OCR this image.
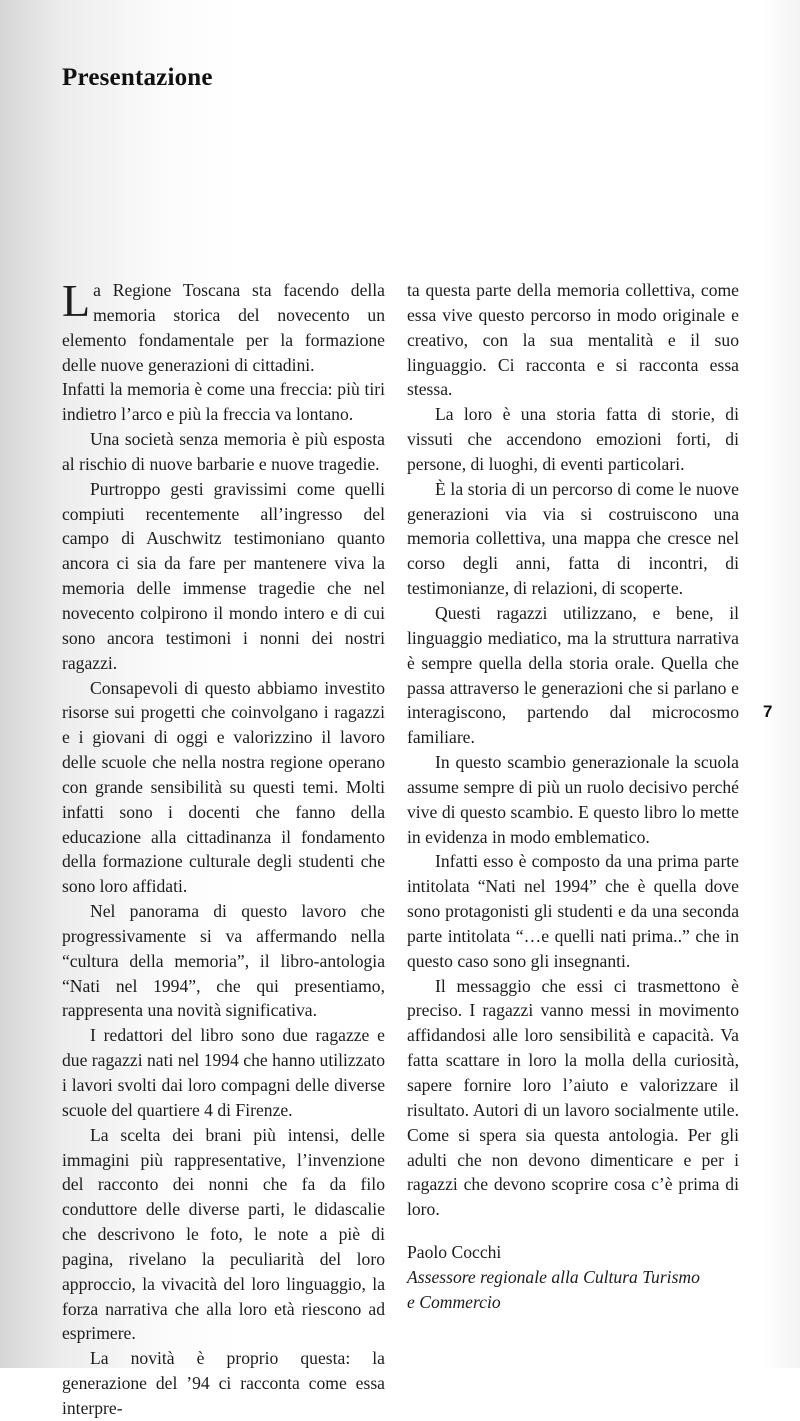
Presentazione

La Regione Toscana sta facendo della memoria storica del novecento un elemento fondamentale per la formazione delle nuove generazioni di cittadini.

Infatti la memoria è come una freccia: più tiri indietro l’arco e più la freccia va lontano.

Una società senza memoria è più esposta al rischio di nuove barbarie e nuove tragedie.

Purtroppo gesti gravissimi come quelli compiuti recentemente all’ingresso del campo di Auschwitz testimoniano quanto ancora ci sia da fare per mantenere viva la memoria delle immense tragedie che nel novecento colpirono il mondo intero e di cui sono ancora testimoni i nonni dei nostri ragazzi.

Consapevoli di questo abbiamo investito risorse sui progetti che coinvolgano i ragazzi e i giovani di oggi e valorizzino il lavoro delle scuole che nella nostra regione operano con grande sensibilità su questi temi. Molti infatti sono i docenti che fanno della educazione alla cittadinanza il fondamento della formazione culturale degli studenti che sono loro affidati.

Nel panorama di questo lavoro che progressivamente si va affermando nella “cultura della memoria”, il libro-antologia “Nati nel 1994”, che qui presentiamo, rappresenta una novità significativa.

I redattori del libro sono due ragazze e due ragazzi nati nel 1994 che hanno utilizzato i lavori svolti dai loro compagni delle diverse scuole del quartiere 4 di Firenze.

La scelta dei brani più intensi, delle immagini più rappresentative, l’invenzione del racconto dei nonni che fa da filo conduttore delle diverse parti, le didascalie che descrivono le foto, le note a piè di pagina, rivelano la peculiarità del loro approccio, la vivacità del loro linguaggio, la forza narrativa che alla loro età riescono ad esprimere.

La novità è proprio questa: la generazione del ’94 ci racconta come essa interpre-

ta questa parte della memoria collettiva, come essa vive questo percorso in modo originale e creativo, con la sua mentalità e il suo linguaggio. Ci racconta e si racconta essa stessa.

La loro è una storia fatta di storie, di vissuti che accendono emozioni forti, di persone, di luoghi, di eventi particolari.

È la storia di un percorso di come le nuove generazioni via via si costruiscono una memoria collettiva, una mappa che cresce nel corso degli anni, fatta di incontri, di testimonianze, di relazioni, di scoperte.

Questi ragazzi utilizzano, e bene, il linguaggio mediatico, ma la struttura narrativa è sempre quella della storia orale. Quella che passa attraverso le generazioni che si parlano e interagiscono, partendo dal microcosmo familiare.

In questo scambio generazionale la scuola assume sempre di più un ruolo decisivo perché vive di questo scambio. E questo libro lo mette in evidenza in modo emblematico.

Infatti esso è composto da una prima parte intitolata “Nati nel 1994” che è quella dove sono protagonisti gli studenti e da una seconda parte intitolata “…e quelli nati prima..” che in questo caso sono gli insegnanti.

Il messaggio che essi ci trasmettono è preciso. I ragazzi vanno messi in movimento affidandosi alle loro sensibilità e capacità. Va fatta scattare in loro la molla della curiosità, sapere fornire loro l’aiuto e valorizzare il risultato. Autori di un lavoro socialmente utile. Come si spera sia questa antologia. Per gli adulti che non devono dimenticare e per i ragazzi che devono scoprire cosa c’è prima di loro.

Paolo Cocchi

Assessore regionale alla Cultura Turismo

e Commercio

7
